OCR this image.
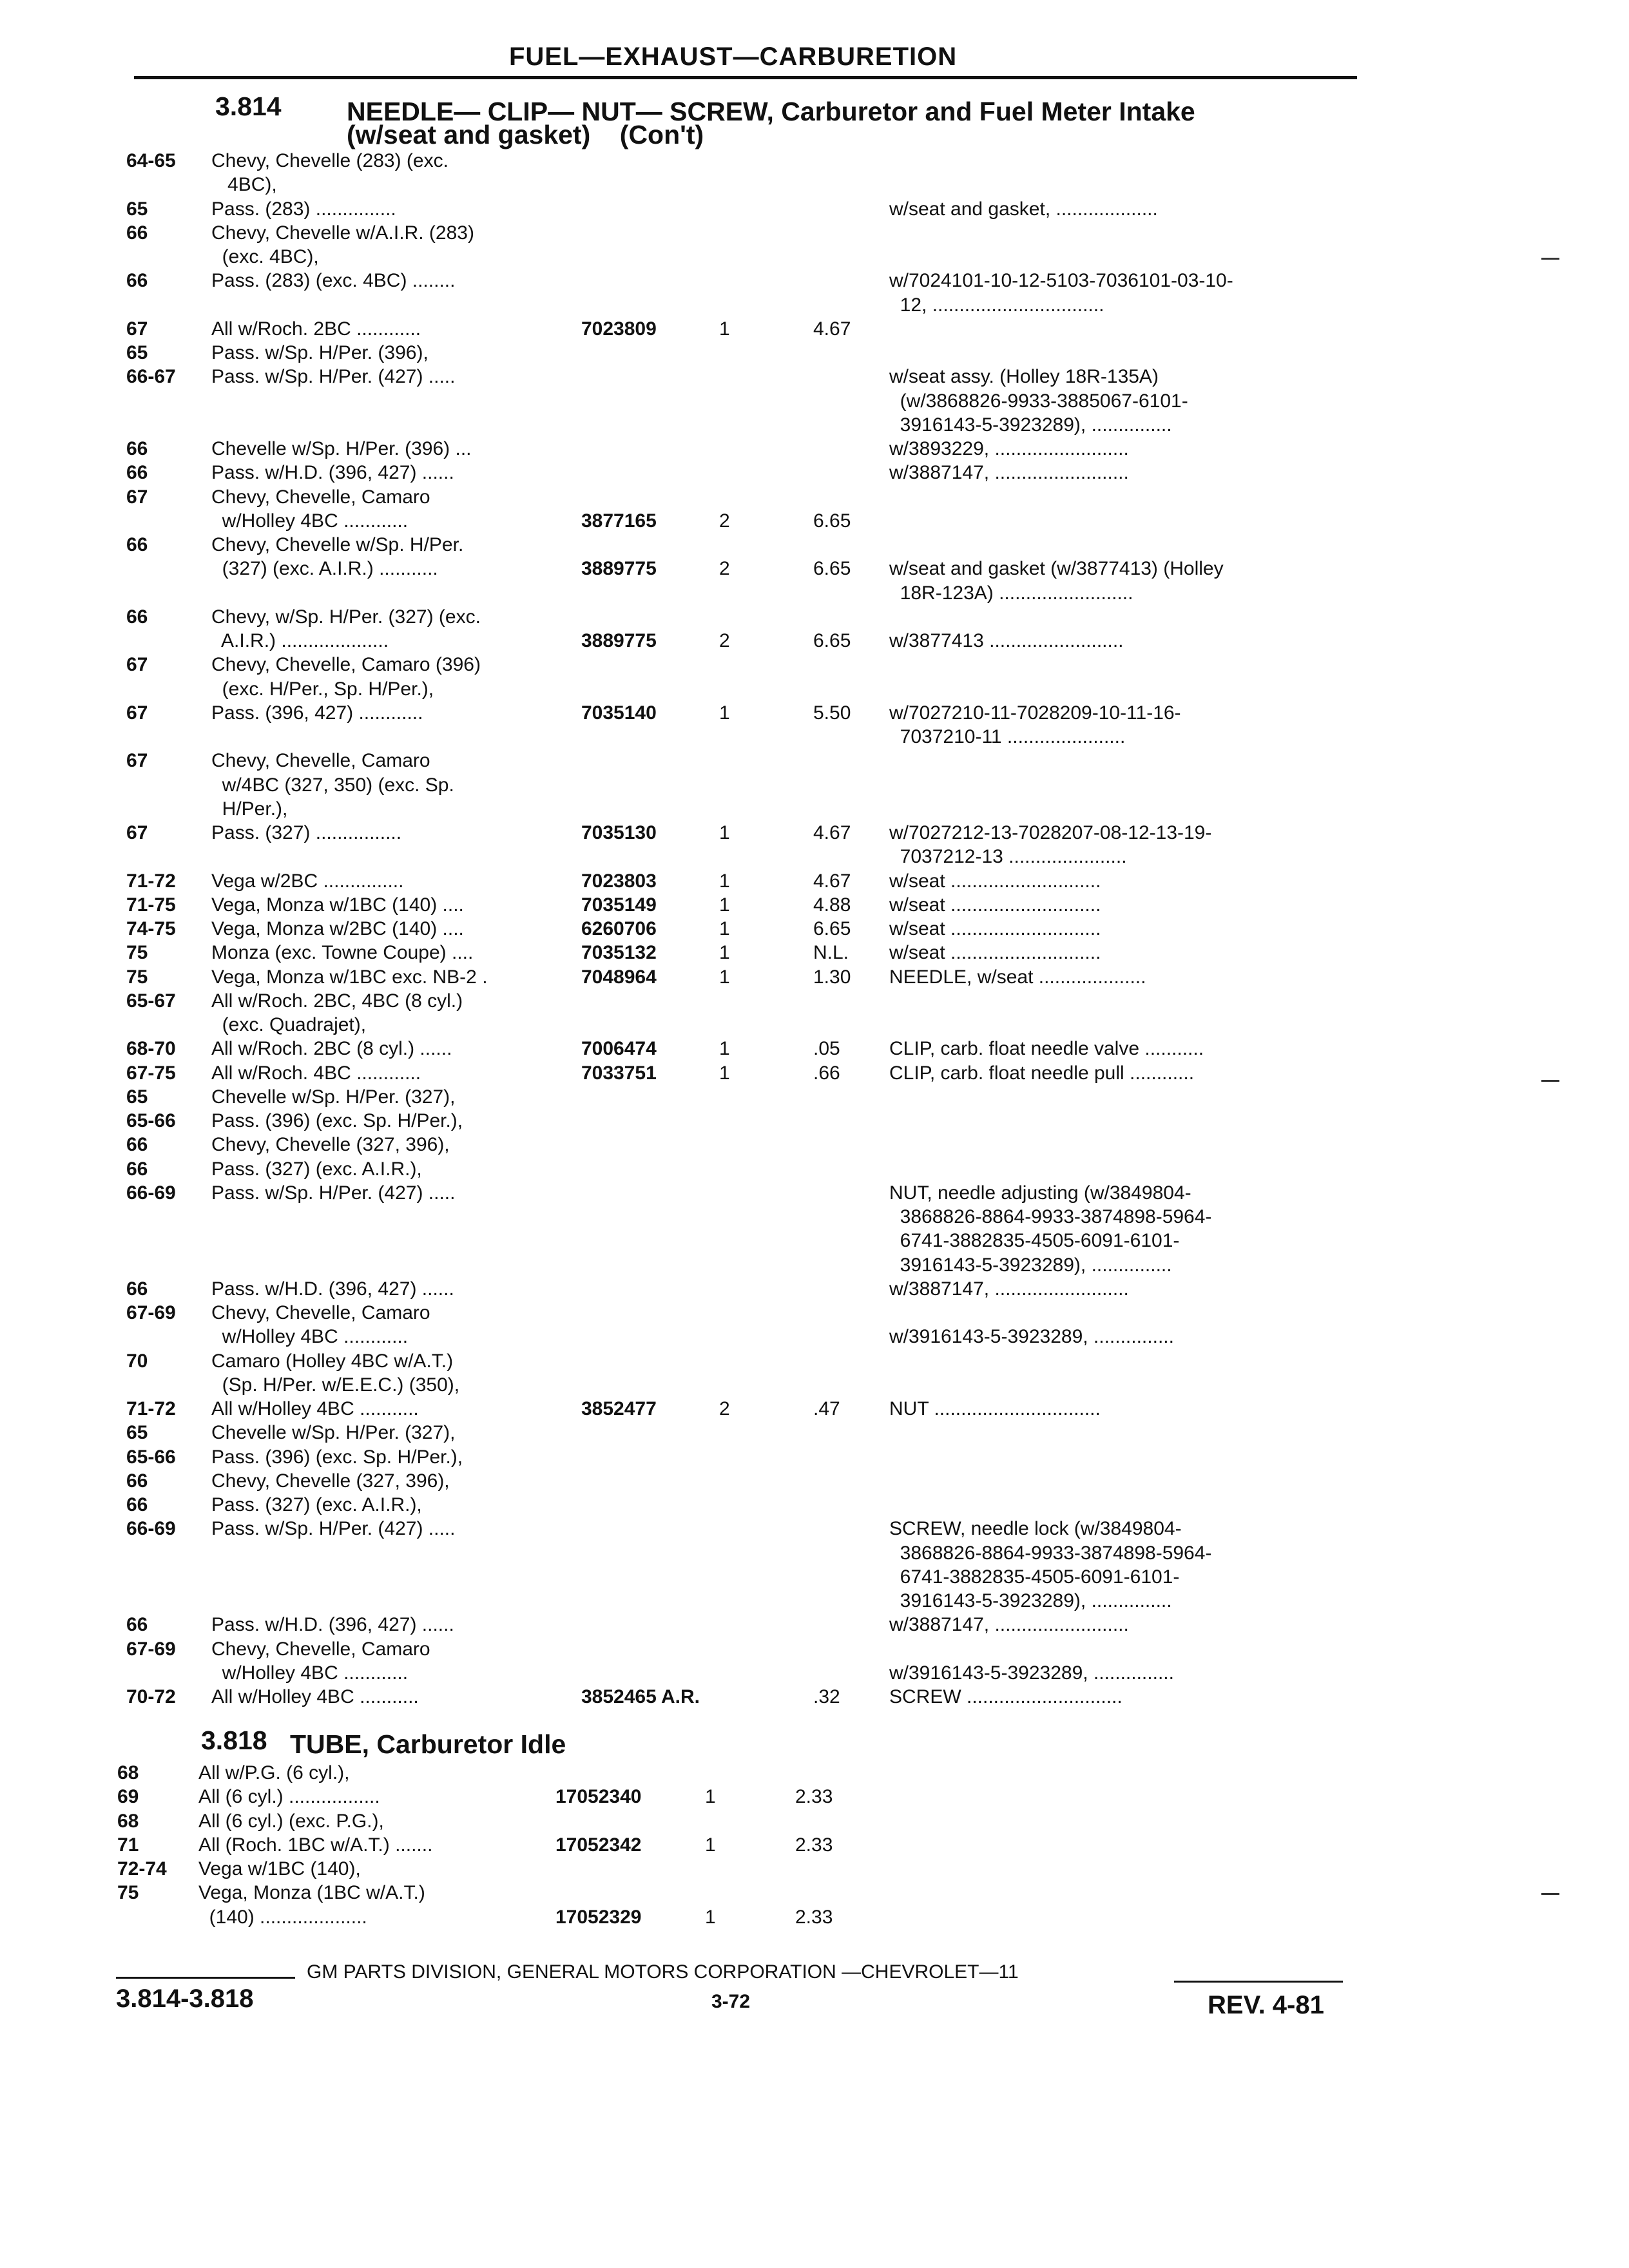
FUEL—EXHAUST—CARBURETION
3.814 NEEDLE— CLIP— NUT— SCREW, Carburetor and Fuel Meter Intake
(w/seat and gasket)    (Con't)
64-65 Chevy, Chevelle (283) (exc.
4BC),
65	Pass. (283) ...............	w/seat and gasket, ...................
66	Chevy, Chevelle w/A.I.R. (283)
(exc. 4BC),
66	Pass. (283) (exc. 4BC) ........	w/7024101-10-12-5103-7036101-03-10-
12, ................................
67	All w/Roch. 2BC ............	7023809	1	4.67
65	Pass. w/Sp. H/Per. (396),
66-67 Pass. w/Sp. H/Per. (427) .....	w/seat assy. (Holley 18R-135A)
(w/3868826-9933-3885067-6101-
3916143-5-3923289), ...............
66	Chevelle w/Sp. H/Per. (396) ...	w/3893229, .........................
66	Pass. w/H.D. (396, 427) ......	w/3887147, .........................
67	Chevy, Chevelle, Camaro
w/Holley 4BC ............	3877165	2	6.65
66	Chevy, Chevelle w/Sp. H/Per.
(327) (exc. A.I.R.) ...........	3889775	2	6.65 w/seat and gasket (w/3877413) (Holley
18R-123A) .........................
66	Chevy, w/Sp. H/Per. (327) (exc.
A.I.R.) ....................	3889775	2	6.65 w/3877413 .........................
67	Chevy, Chevelle, Camaro (396)
(exc. H/Per., Sp. H/Per.),
67	Pass. (396, 427) ............	7035140	1	5.50 w/7027210-11-7028209-10-11-16-
7037210-11 ......................
67	Chevy, Chevelle, Camaro
w/4BC (327, 350) (exc. Sp.
H/Per.),
67	Pass. (327) ................	7035130	1	4.67 w/7027212-13-7028207-08-12-13-19-
7037212-13 ......................
71-72 Vega w/2BC ...............	7023803	1	4.67 w/seat ............................
71-75 Vega, Monza w/1BC (140) ....	7035149	1	4.88 w/seat ............................
74-75 Vega, Monza w/2BC (140) ....	6260706	1	6.65 w/seat ............................
75	Monza (exc. Towne Coupe) ....	7035132	1	N.L. w/seat ............................
75	Vega, Monza w/1BC exc. NB-2 .	7048964	1	1.30 NEEDLE, w/seat ....................
65-67 All w/Roch. 2BC, 4BC (8 cyl.)
(exc. Quadrajet),
68-70 All w/Roch. 2BC (8 cyl.) ......	7006474	1	.05	CLIP, carb. float needle valve ...........
67-75 All w/Roch. 4BC ............	7033751	1	.66	CLIP, carb. float needle pull ............
65	Chevelle w/Sp. H/Per. (327),
65-66 Pass. (396) (exc. Sp. H/Per.),
66	Chevy, Chevelle (327, 396),
66	Pass. (327) (exc. A.I.R.),
66-69 Pass. w/Sp. H/Per. (427) .....	NUT, needle adjusting (w/3849804-
3868826-8864-9933-3874898-5964-
6741-3882835-4505-6091-6101-
3916143-5-3923289), ...............
66	Pass. w/H.D. (396, 427) ......	w/3887147, .........................
67-69 Chevy, Chevelle, Camaro
w/Holley 4BC ............	w/3916143-5-3923289, ...............
70	Camaro (Holley 4BC w/A.T.)
(Sp. H/Per. w/E.E.C.) (350),
71-72 All w/Holley 4BC ...........	3852477	2	.47	NUT ...............................
65	Chevelle w/Sp. H/Per. (327),
65-66 Pass. (396) (exc. Sp. H/Per.),
66	Chevy, Chevelle (327, 396),
66	Pass. (327) (exc. A.I.R.),
66-69 Pass. w/Sp. H/Per. (427) .....	SCREW, needle lock (w/3849804-
3868826-8864-9933-3874898-5964-
6741-3882835-4505-6091-6101-
3916143-5-3923289), ...............
66	Pass. w/H.D. (396, 427) ......	w/3887147, .........................
67-69 Chevy, Chevelle, Camaro
w/Holley 4BC ............	w/3916143-5-3923289, ...............
70-72 All w/Holley 4BC ...........	3852465 A.R.	.32	SCREW .............................
3.818 TUBE, Carburetor Idle
68	All w/P.G. (6 cyl.),
69	All (6 cyl.) .................	17052340	1	2.33
68	All (6 cyl.) (exc. P.G.),
71	All (Roch. 1BC w/A.T.) .......	17052342	1	2.33
72-74 Vega w/1BC (140),
75	Vega, Monza (1BC w/A.T.)
(140) ....................	17052329	1	2.33
GM PARTS DIVISION, GENERAL MOTORS CORPORATION —CHEVROLET—11
3.814-3.818	3-72	REV. 4-81
